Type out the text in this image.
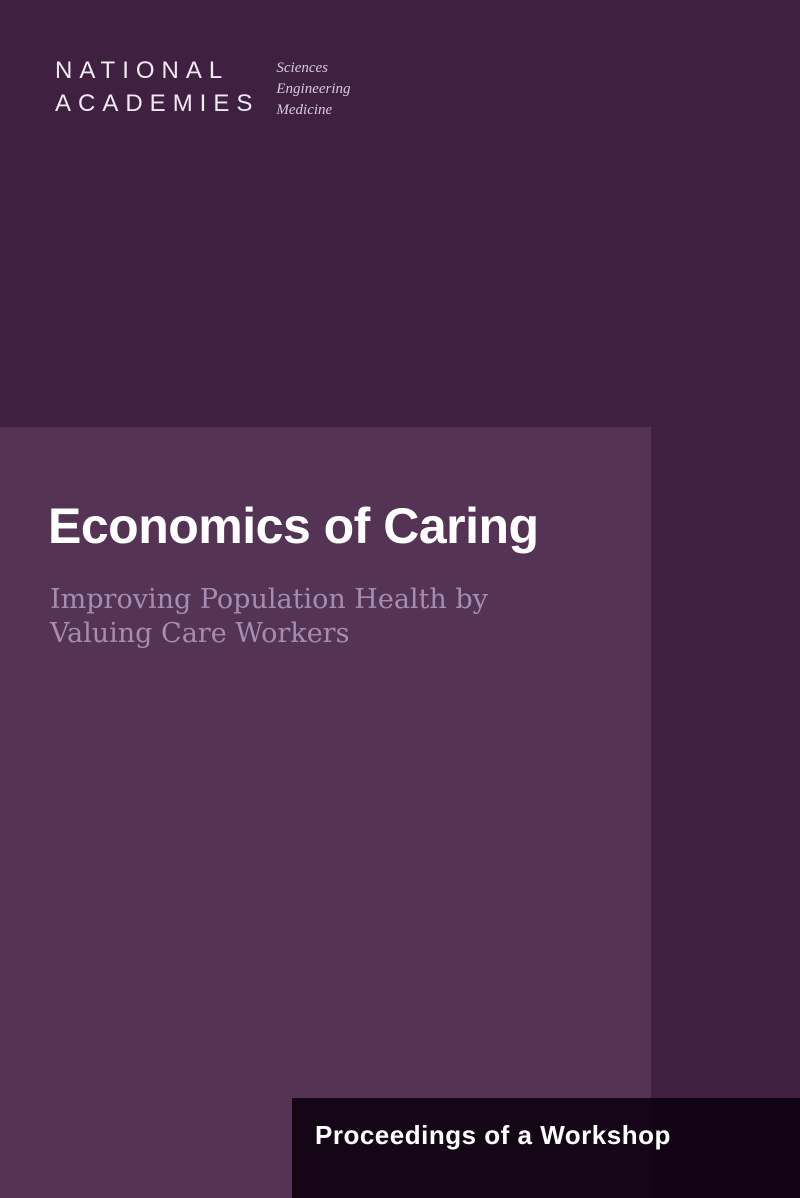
NATIONAL
ACADEMIES
Sciences
Engineering
Medicine
Economics of Caring
Improving Population Health by
Valuing Care Workers
Proceedings of a Workshop
